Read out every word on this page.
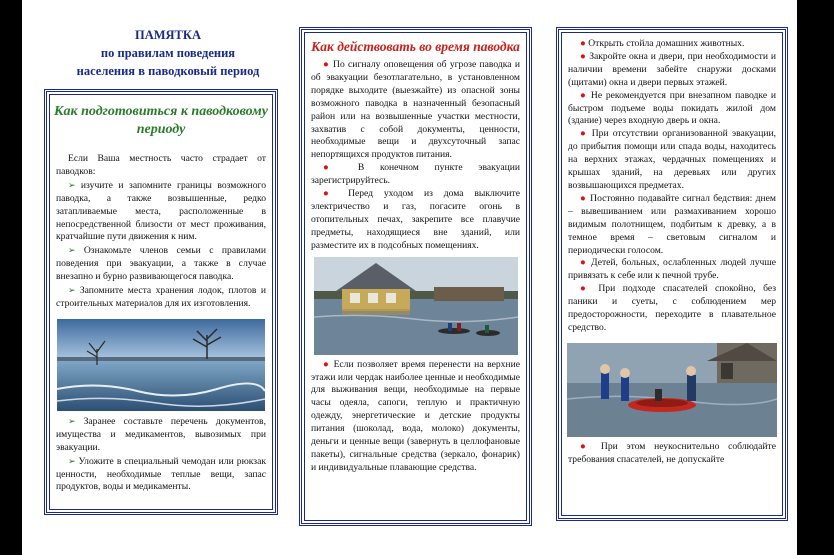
ПАМЯТКА
по правилам поведения
населения в паводковый период
Как подготовиться к паводковому периоду

Если Ваша местность часто страдает от паводков:

➢ изучите и запомните границы возможного паводка, а также возвышенные, редко затапливаемые места, расположенные в непосредственной близости от мест проживания, кратчайшие пути движения к ним.

➢ Ознакомьте членов семьи с правилами поведения при эвакуации, а также в случае внезапно и бурно развивающегося паводка.

➢ Запомните места хранения лодок, плотов и строительных материалов для их изготовления.

➢ Заранее составьте перечень документов, имущества и медикаментов, вывозимых при эвакуации.

➢ Уложите в специальный чемодан или рюкзак ценности, необходимые теплые вещи, запас продуктов, воды и медикаменты.

Как действовать во время паводка

● По сигналу оповещения об угрозе паводка и об эвакуации безотлагательно, в установленном порядке выходите (выезжайте) из опасной зоны возможного паводка в назначенный безопасный район или на возвышенные участки местности, захватив с собой документы, ценности, необходимые вещи и двухсуточный запас непортящихся продуктов питания.

● В конечном пункте эвакуации зарегистрируйтесь.

● Перед уходом из дома выключите электричество и газ, погасите огонь в отопительных печах, закрепите все плавучие предметы, находящиеся вне зданий, или разместите их в подсобных помещениях.

● Если позволяет время перенести на верхние этажи или чердак наиболее ценные и необходимые для выживания вещи, необходимые на первые часы одеяла, сапоги, теплую и практичную одежду, энергетические и детские продукты питания (шоколад, вода, молоко) документы, деньги и ценные вещи (завернуть в целлофановые пакеты), сигнальные средства (зеркало, фонарик) и индивидуальные плавающие средства.

● Открыть стойла домашних животных.

● Закройте окна и двери, при необходимости и наличии времени забейте снаружи досками (щитами) окна и двери первых этажей.

● Не рекомендуется при внезапном паводке и быстром подъеме воды покидать жилой дом (здание) через входную дверь и окна.

● При отсутствии организованной эвакуации, до прибытия помощи или спада воды, находитесь на верхних этажах, чердачных помещениях и крышах зданий, на деревьях или других возвышающихся предметах.

● Постоянно подавайте сигнал бедствия: днем – вывешиванием или размахиванием хорошо видимым полотнищем, подбитым к древку, а в темное время – световым сигналом и периодически голосом.

● Детей, больных, ослабленных людей лучше привязать к себе или к печной трубе.

● При подходе спасателей спокойно, без паники и суеты, с соблюдением мер предосторожности, переходите в плавательное средство.

● При этом неукоснительно соблюдайте требования спасателей, не допускайте
